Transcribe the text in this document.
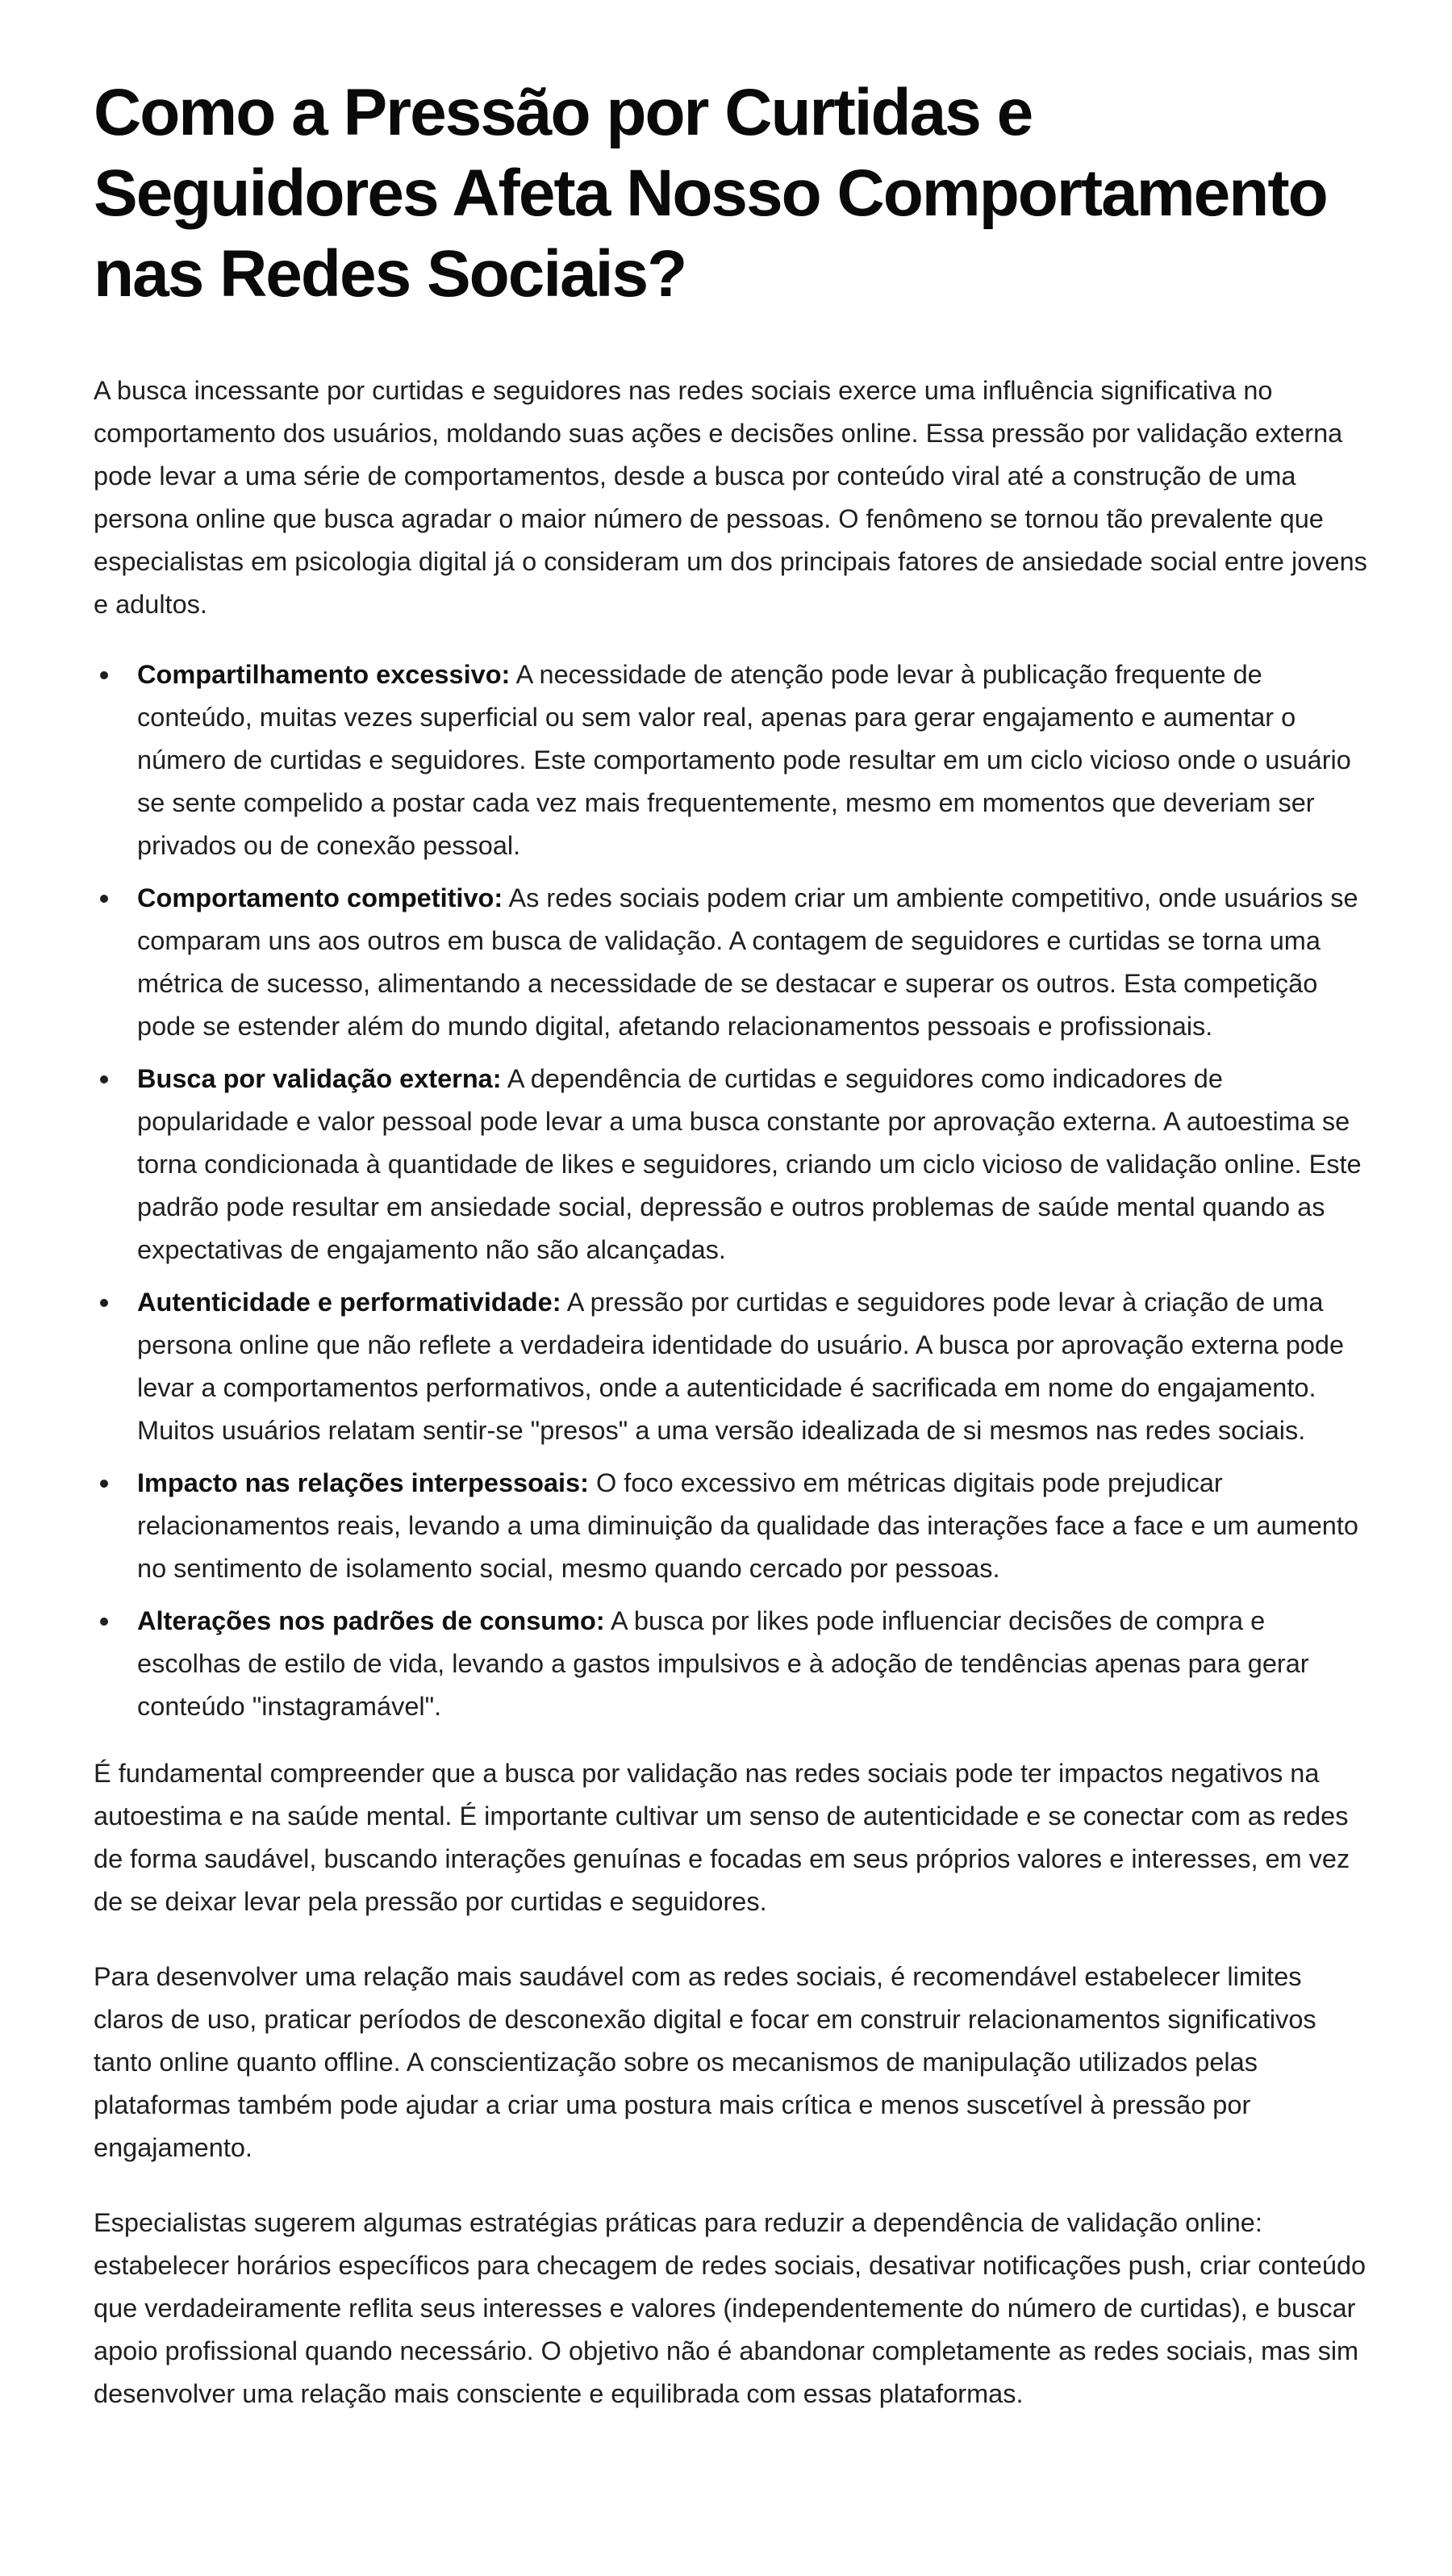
Como a Pressão por Curtidas e Seguidores Afeta Nosso Comportamento nas Redes Sociais?

A busca incessante por curtidas e seguidores nas redes sociais exerce uma influência significativa no comportamento dos usuários, moldando suas ações e decisões online. Essa pressão por validação externa pode levar a uma série de comportamentos, desde a busca por conteúdo viral até a construção de uma persona online que busca agradar o maior número de pessoas. O fenômeno se tornou tão prevalente que especialistas em psicologia digital já o consideram um dos principais fatores de ansiedade social entre jovens e adultos.

Compartilhamento excessivo: A necessidade de atenção pode levar à publicação frequente de conteúdo, muitas vezes superficial ou sem valor real, apenas para gerar engajamento e aumentar o número de curtidas e seguidores. Este comportamento pode resultar em um ciclo vicioso onde o usuário se sente compelido a postar cada vez mais frequentemente, mesmo em momentos que deveriam ser privados ou de conexão pessoal.
Comportamento competitivo: As redes sociais podem criar um ambiente competitivo, onde usuários se comparam uns aos outros em busca de validação. A contagem de seguidores e curtidas se torna uma métrica de sucesso, alimentando a necessidade de se destacar e superar os outros. Esta competição pode se estender além do mundo digital, afetando relacionamentos pessoais e profissionais.
Busca por validação externa: A dependência de curtidas e seguidores como indicadores de popularidade e valor pessoal pode levar a uma busca constante por aprovação externa. A autoestima se torna condicionada à quantidade de likes e seguidores, criando um ciclo vicioso de validação online. Este padrão pode resultar em ansiedade social, depressão e outros problemas de saúde mental quando as expectativas de engajamento não são alcançadas.
Autenticidade e performatividade: A pressão por curtidas e seguidores pode levar à criação de uma persona online que não reflete a verdadeira identidade do usuário. A busca por aprovação externa pode levar a comportamentos performativos, onde a autenticidade é sacrificada em nome do engajamento. Muitos usuários relatam sentir-se "presos" a uma versão idealizada de si mesmos nas redes sociais.
Impacto nas relações interpessoais: O foco excessivo em métricas digitais pode prejudicar relacionamentos reais, levando a uma diminuição da qualidade das interações face a face e um aumento no sentimento de isolamento social, mesmo quando cercado por pessoas.
Alterações nos padrões de consumo: A busca por likes pode influenciar decisões de compra e escolhas de estilo de vida, levando a gastos impulsivos e à adoção de tendências apenas para gerar conteúdo "instagramável".

É fundamental compreender que a busca por validação nas redes sociais pode ter impactos negativos na autoestima e na saúde mental. É importante cultivar um senso de autenticidade e se conectar com as redes de forma saudável, buscando interações genuínas e focadas em seus próprios valores e interesses, em vez de se deixar levar pela pressão por curtidas e seguidores.

Para desenvolver uma relação mais saudável com as redes sociais, é recomendável estabelecer limites claros de uso, praticar períodos de desconexão digital e focar em construir relacionamentos significativos tanto online quanto offline. A conscientização sobre os mecanismos de manipulação utilizados pelas plataformas também pode ajudar a criar uma postura mais crítica e menos suscetível à pressão por engajamento.

Especialistas sugerem algumas estratégias práticas para reduzir a dependência de validação online: estabelecer horários específicos para checagem de redes sociais, desativar notificações push, criar conteúdo que verdadeiramente reflita seus interesses e valores (independentemente do número de curtidas), e buscar apoio profissional quando necessário. O objetivo não é abandonar completamente as redes sociais, mas sim desenvolver uma relação mais consciente e equilibrada com essas plataformas.
